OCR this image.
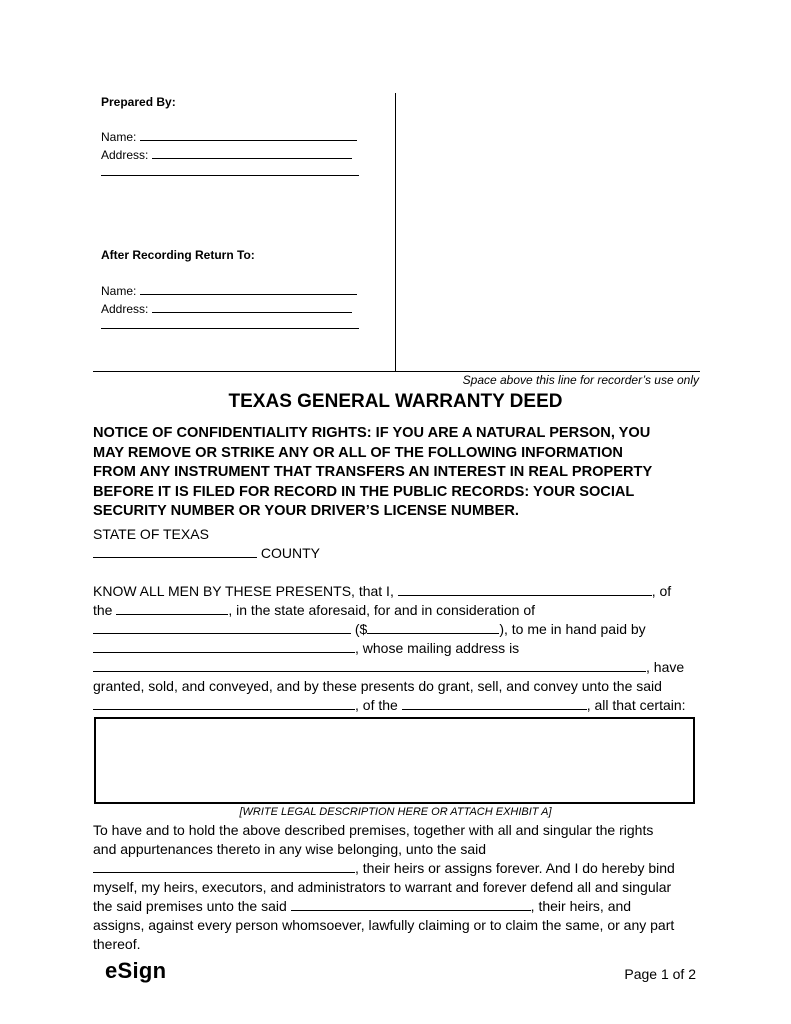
Prepared By:
Name:
Address:
After Recording Return To:
Name:
Address:
Space above this line for recorder’s use only
TEXAS GENERAL WARRANTY DEED
NOTICE OF CONFIDENTIALITY RIGHTS: IF YOU ARE A NATURAL PERSON, YOU
MAY REMOVE OR STRIKE ANY OR ALL OF THE FOLLOWING INFORMATION
FROM ANY INSTRUMENT THAT TRANSFERS AN INTEREST IN REAL PROPERTY
BEFORE IT IS FILED FOR RECORD IN THE PUBLIC RECORDS: YOUR SOCIAL
SECURITY NUMBER OR YOUR DRIVER’S LICENSE NUMBER.
STATE OF TEXAS
COUNTY
KNOW ALL MEN BY THESE PRESENTS, that I,	, of
the	, in the state aforesaid, for and in consideration of
($	), to me in hand paid by
, whose mailing address is
, have
granted, sold, and conveyed, and by these presents do grant, sell, and convey unto the said
, of the	, all that certain:
[WRITE LEGAL DESCRIPTION HERE OR ATTACH EXHIBIT A]
To have and to hold the above described premises, together with all and singular the rights
and appurtenances thereto in any wise belonging, unto the said
, their heirs or assigns forever. And I do hereby bind
myself, my heirs, executors, and administrators to warrant and forever defend all and singular
the said premises unto the said	, their heirs, and
assigns, against every person whomsoever, lawfully claiming or to claim the same, or any part
thereof.
eSign	Page 1 of 2
